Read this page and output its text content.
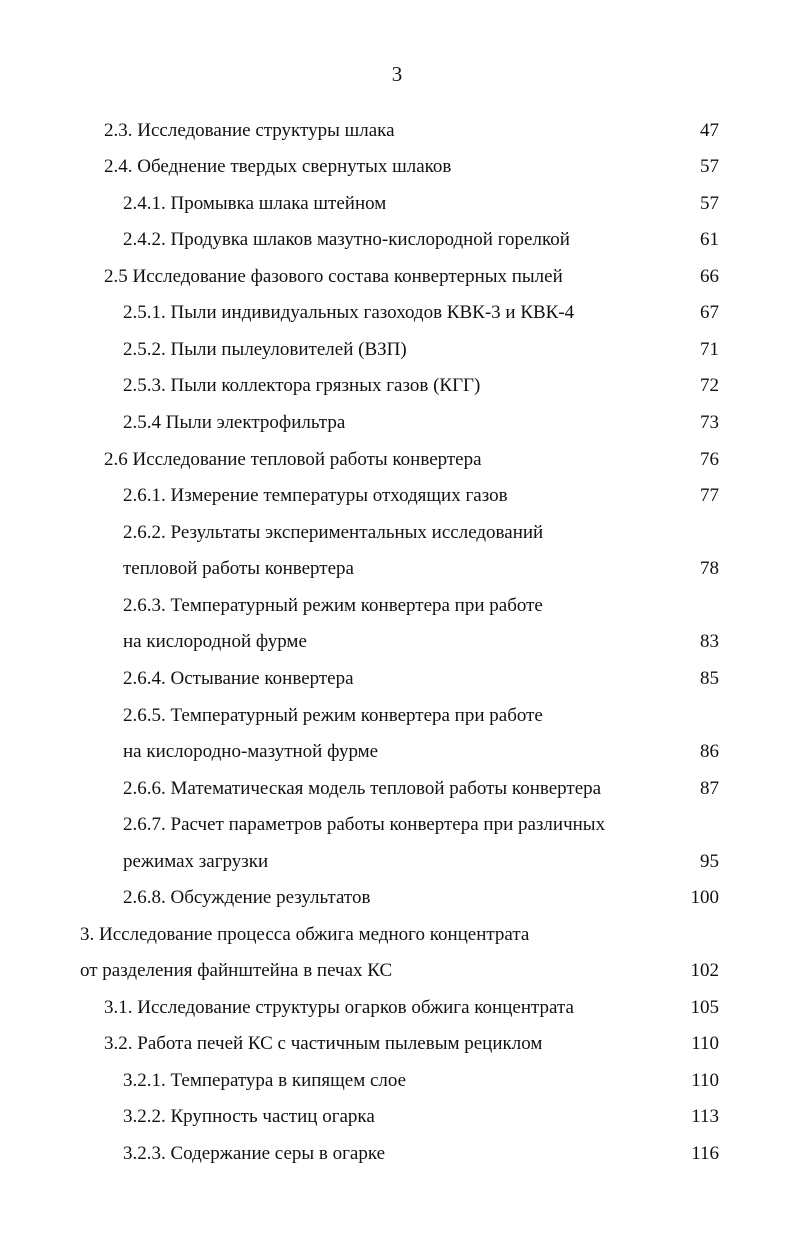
3
2.3. Исследование структуры шлака	47
2.4. Обеднение твердых свернутых шлаков	57
2.4.1. Промывка шлака штейном	57
2.4.2. Продувка шлаков мазутно-кислородной горелкой	61
2.5 Исследование фазового состава конвертерных пылей	66
2.5.1. Пыли индивидуальных газоходов КВК-3 и КВК-4	67
2.5.2. Пыли пылеуловителей (ВЗП)	71
2.5.3. Пыли коллектора грязных газов (КГГ)	72
2.5.4 Пыли электрофильтра	73
2.6 Исследование тепловой работы конвертера	76
2.6.1. Измерение температуры отходящих газов	77
2.6.2. Результаты экспериментальных исследований
тепловой работы конвертера	78
2.6.3. Температурный режим конвертера при работе
на кислородной фурме	83
2.6.4. Остывание конвертера	85
2.6.5. Температурный режим конвертера при работе
на кислородно-мазутной фурме	86
2.6.6. Математическая модель тепловой работы конвертера	87
2.6.7. Расчет параметров работы конвертера при различных
режимах загрузки	95
2.6.8. Обсуждение результатов	100
3. Исследование процесса обжига медного концентрата
от разделения файнштейна в печах КС	102
3.1. Исследование структуры огарков обжига концентрата	105
3.2. Работа печей КС с частичным пылевым рециклом	110
3.2.1. Температура в кипящем слое	110
3.2.2. Крупность частиц огарка	113
3.2.3. Содержание серы в огарке	116
